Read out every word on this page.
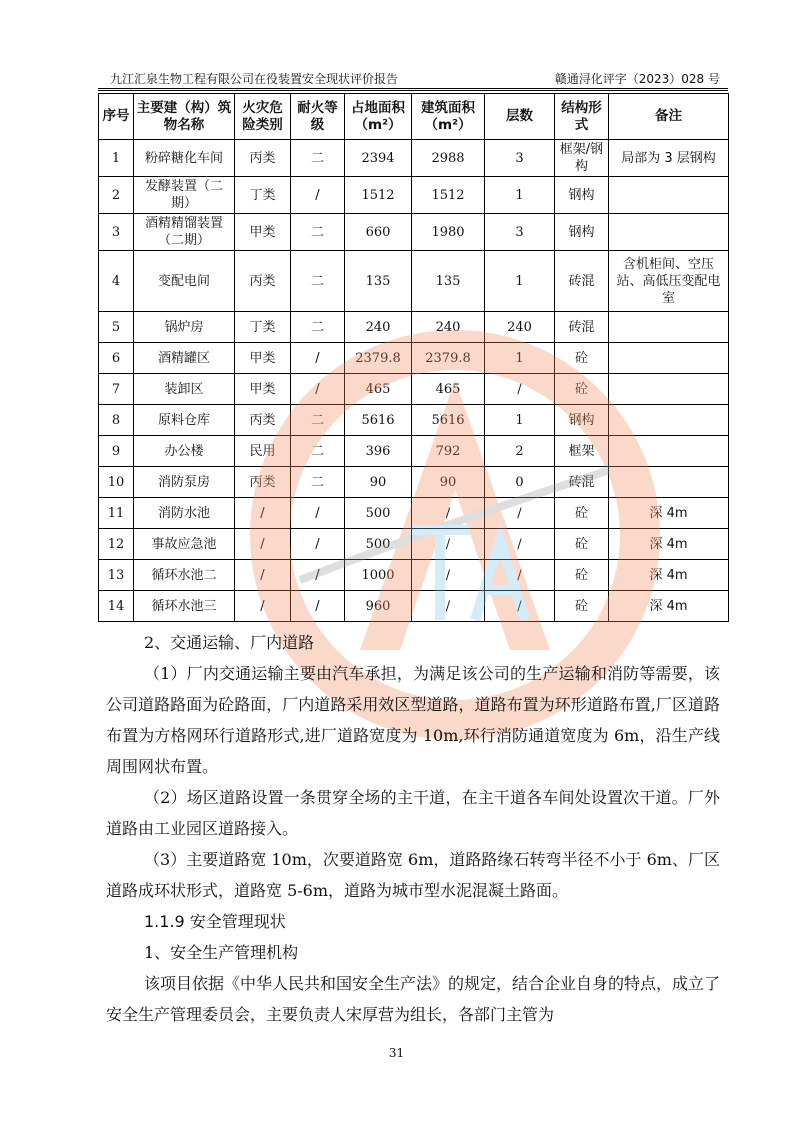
九江汇泉生物工程有限公司在役装置安全现状评价报告	赣通浔化评字（2023）028 号
序号	主要建（构）筑物名称	火灾危险类别	耐火等级	占地面积（m²）	建筑面积（m²）	层数	结构形式	备注
1	粉碎糖化车间	丙类	二	2394	2988	3	框架/钢构	局部为 3 层钢构
2	发酵装置（二期）	丁类	/	1512	1512	1	钢构	
3	酒精精馏装置（二期）	甲类	二	660	1980	3	钢构	
4	变配电间	丙类	二	135	135	1	砖混	含机柜间、空压站、高低压变配电室
5	锅炉房	丁类	二	240	240	240	砖混	
6	酒精罐区	甲类	/	2379.8	2379.8	1	砼	
7	装卸区	甲类	/	465	465	/	砼	
8	原料仓库	丙类	二	5616	5616	1	钢构	
9	办公楼	民用	二	396	792	2	框架	
10	消防泵房	丙类	二	90	90	0	砖混	
11	消防水池	/	/	500	/	/	砼	深 4m
12	事故应急池	/	/	500	/	/	砼	深 4m
13	循环水池二	/	/	1000	/	/	砼	深 4m
14	循环水池三	/	/	960	/	/	砼	深 4m

2、交通运输、厂内道路

（1）厂内交通运输主要由汽车承担，为满足该公司的生产运输和消防等需要，该公司道路路面为砼路面，厂内道路采用效区型道路，道路布置为环形道路布置,厂区道路布置为方格网环行道路形式,进厂道路宽度为 10m,环行消防通道宽度为 6m，沿生产线周围网状布置。

（2）场区道路设置一条贯穿全场的主干道，在主干道各车间处设置次干道。厂外道路由工业园区道路接入。

（3）主要道路宽 10m，次要道路宽 6m，道路路缘石转弯半径不小于 6m、厂区道路成环状形式，道路宽 5-6m，道路为城市型水泥混凝土路面。

1.1.9 安全管理现状

1、安全生产管理机构

该项目依据《中华人民共和国安全生产法》的规定，结合企业自身的特点，成立了安全生产管理委员会，主要负责人宋厚营为组长，各部门主管为

31
